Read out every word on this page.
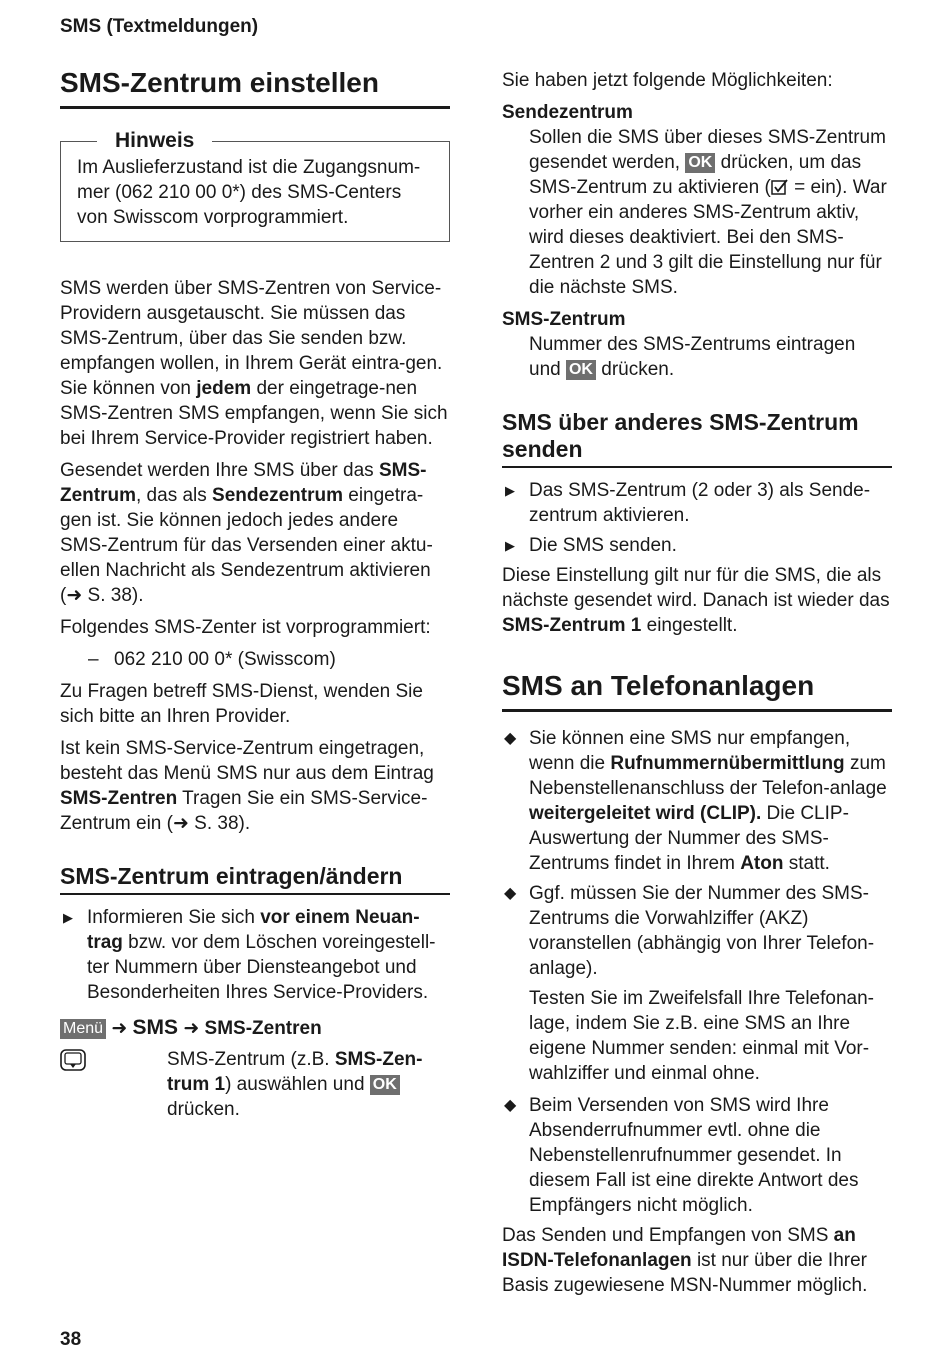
SMS (Textmeldungen)
SMS-Zentrum einstellen
Hinweis
Im Auslieferzustand ist die Zugangsnum-mer (062 210 00 0*) des SMS-Centers von Swisscom vorprogrammiert.

SMS werden über SMS-Zentren von Service-Providern ausgetauscht. Sie müssen das SMS-Zentrum, über das Sie senden bzw. empfangen wollen, in Ihrem Gerät eintra-gen. Sie können von jedem der eingetrage-nen SMS-Zentren SMS empfangen, wenn Sie sich bei Ihrem Service-Provider registriert haben.

Gesendet werden Ihre SMS über das SMS-Zentrum, das als Sendezentrum eingetra-gen ist. Sie können jedoch jedes andere SMS-Zentrum für das Versenden einer aktu-ellen Nachricht als Sendezentrum aktivieren (➜ S. 38).

Folgendes SMS-Zenter ist vorprogrammiert:

– 062 210 00 0* (Swisscom)

Zu Fragen betreff SMS-Dienst, wenden Sie sich bitte an Ihren Provider.

Ist kein SMS-Service-Zentrum eingetragen, besteht das Menü SMS nur aus dem Eintrag SMS-Zentren Tragen Sie ein SMS-Service-Zentrum ein (➜ S. 38).

SMS-Zentrum eintragen/ändern
▶ Informieren Sie sich vor einem Neuan-trag bzw. vor dem Löschen voreingestell-ter Nummern über Diensteangebot und Besonderheiten Ihres Service-Providers.
Menü ➜ SMS ➜ SMS-Zentren
SMS-Zentrum (z.B. SMS-Zen-trum 1) auswählen und OK
drücken.

Sie haben jetzt folgende Möglichkeiten:

Sendezentrum

Sollen die SMS über dieses SMS-Zentrum gesendet werden, OK drücken, um das SMS-Zentrum zu aktivieren ( = ein). War vorher ein anderes SMS-Zentrum aktiv, wird dieses deaktiviert. Bei den SMS-Zentren 2 und 3 gilt die Einstellung nur für die nächste SMS.

SMS-Zentrum

Nummer des SMS-Zentrums eintragen und OK drücken.

SMS über anderes SMS-Zentrum senden
▶ Das SMS-Zentrum (2 oder 3) als Sende-zentrum aktivieren.
▶ Die SMS senden.

Diese Einstellung gilt nur für die SMS, die als nächste gesendet wird. Danach ist wieder das SMS-Zentrum 1 eingestellt.

SMS an Telefonanlagen
◆ Sie können eine SMS nur empfangen, wenn die Rufnummernübermittlung zum Nebenstellenanschluss der Telefon-anlage weitergeleitet wird (CLIP). Die CLIP-Auswertung der Nummer des SMS-Zentrums findet in Ihrem Aton statt.
◆ Ggf. müssen Sie der Nummer des SMS-Zentrums die Vorwahlziffer (AKZ) voranstellen (abhängig von Ihrer Telefon-anlage).

Testen Sie im Zweifelsfall Ihre Telefonan-lage, indem Sie z.B. eine SMS an Ihre eigene Nummer senden: einmal mit Vor-wahlziffer und einmal ohne.

◆ Beim Versenden von SMS wird Ihre Absenderrufnummer evtl. ohne die Nebenstellenrufnummer gesendet. In diesem Fall ist eine direkte Antwort des Empfängers nicht möglich.

Das Senden und Empfangen von SMS an ISDN-Telefonanlagen ist nur über die Ihrer Basis zugewiesene MSN-Nummer möglich.

38
